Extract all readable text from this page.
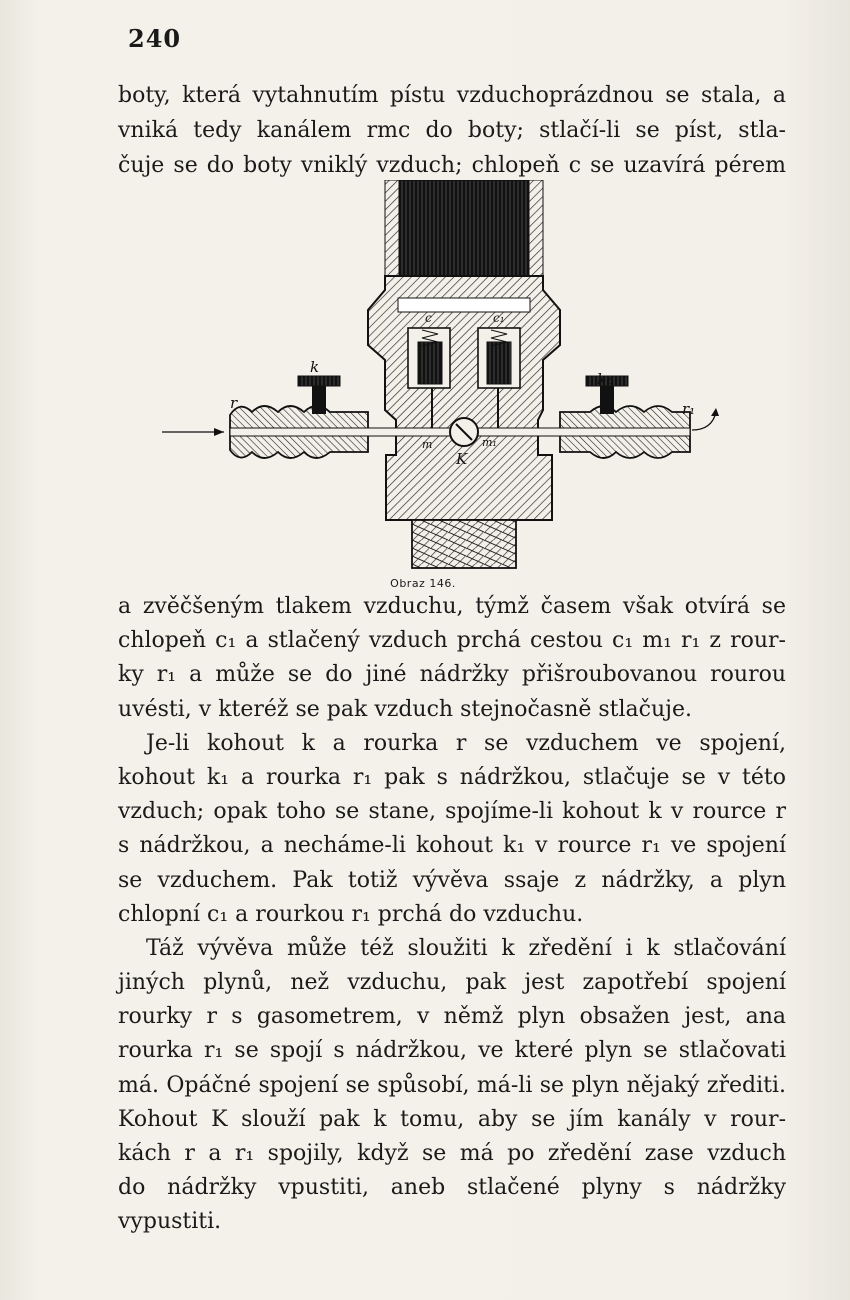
240
boty, která vytahnutím pístu vzduchoprázdnou se stala, a
vniká tedy kanálem rmc do boty; stlačí-li se píst, stla-
čuje se do boty vniklý vzduch; chlopeň c se uzavírá pérem
k
k₁
r	r₁
m	m₁
K
c	c₁
Obraz 146.
a zvěčšeným tlakem vzduchu, týmž časem však otvírá se
chlopeň c₁ a stlačený vzduch prchá cestou c₁ m₁ r₁ z rour-
ky r₁ a může se do jiné nádržky přišroubovanou rourou
uvésti, v kteréž se pak vzduch stejnočasně stlačuje.
Je-li kohout k a rourka r se vzduchem ve spojení,
kohout k₁ a rourka r₁ pak s nádržkou, stlačuje se v této
vzduch; opak toho se stane, spojíme-li kohout k v rource r
s nádržkou, a necháme-li kohout k₁ v rource r₁ ve spojení
se vzduchem. Pak totiž vývěva ssaje z nádržky, a plyn
chlopní c₁ a rourkou r₁ prchá do vzduchu.
Táž vývěva může též sloužiti k zředění i k stlačování
jiných plynů, než vzduchu, pak jest zapotřebí spojení
rourky r s gasometrem, v němž plyn obsažen jest, ana
rourka r₁ se spojí s nádržkou, ve které plyn se stlačovati
má. Opáčné spojení se spůsobí, má-li se plyn nějaký zřediti.
Kohout K slouží pak k tomu, aby se jím kanály v rour-
kách r a r₁ spojily, když se má po zředění zase vzduch
do nádržky vpustiti, aneb stlačené plyny s nádržky
vypustiti.
